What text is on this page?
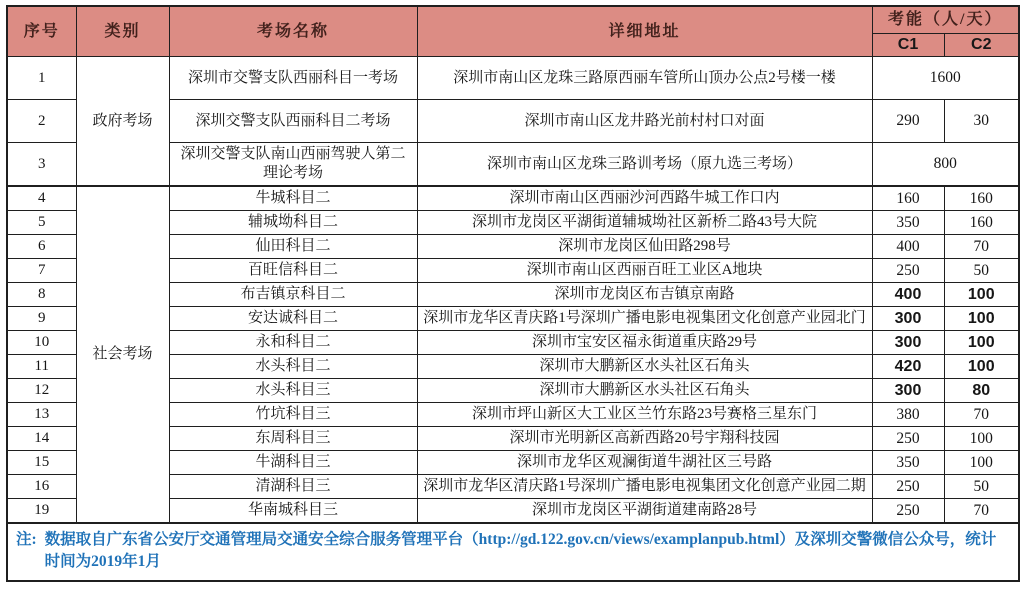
序号	类别	考场名称	详细地址	考能（人/天）	
				C1	C2
1	政府考场	深圳市交警支队西丽科目一考场	深圳市南山区龙珠三路原西丽车管所山顶办公点2号楼一楼	1600	
2		深圳交警支队西丽科目二考场	深圳市南山区龙井路光前村村口对面	290	30
3		深圳交警支队南山西丽驾驶人第二理论考场	深圳市南山区龙珠三路训考场（原九选三考场）	800	
4	社会考场	牛城科目二	深圳市南山区西丽沙河西路牛城工作口内	160	160
5		辅城坳科目二	深圳市龙岗区平湖街道辅城坳社区新桥二路43号大院	350	160
6		仙田科目二	深圳市龙岗区仙田路298号	400	70
7		百旺信科目二	深圳市南山区西丽百旺工业区A地块	250	50
8		布吉镇京科目二	深圳市龙岗区布吉镇京南路	400	100
9		安达诚科目二	深圳市龙华区青庆路1号深圳广播电影电视集团文化创意产业园北门	300	100
10		永和科目二	深圳市宝安区福永街道重庆路29号	300	100
11		水头科目二	深圳市大鹏新区水头社区石角头	420	100
12		水头科目三	深圳市大鹏新区水头社区石角头	300	80
13		竹坑科目三	深圳市坪山新区大工业区兰竹东路23号赛格三星东门	380	70
14		东周科目三	深圳市光明新区高新西路20号宇翔科技园	250	100
15		牛湖科目三	深圳市龙华区观澜街道牛湖社区三号路	350	100
16		清湖科目三	深圳市龙华区清庆路1号深圳广播电影电视集团文化创意产业园二期	250	50
19		华南城科目三	深圳市龙岗区平湖街道建南路28号	250	70

注: 数据取自广东省公安厅交通管理局交通安全综合服务管理平台（http://gd.122.gov.cn/views/examplanpub.html）及深圳交警微信公众号，统计时间为2019年1月					
